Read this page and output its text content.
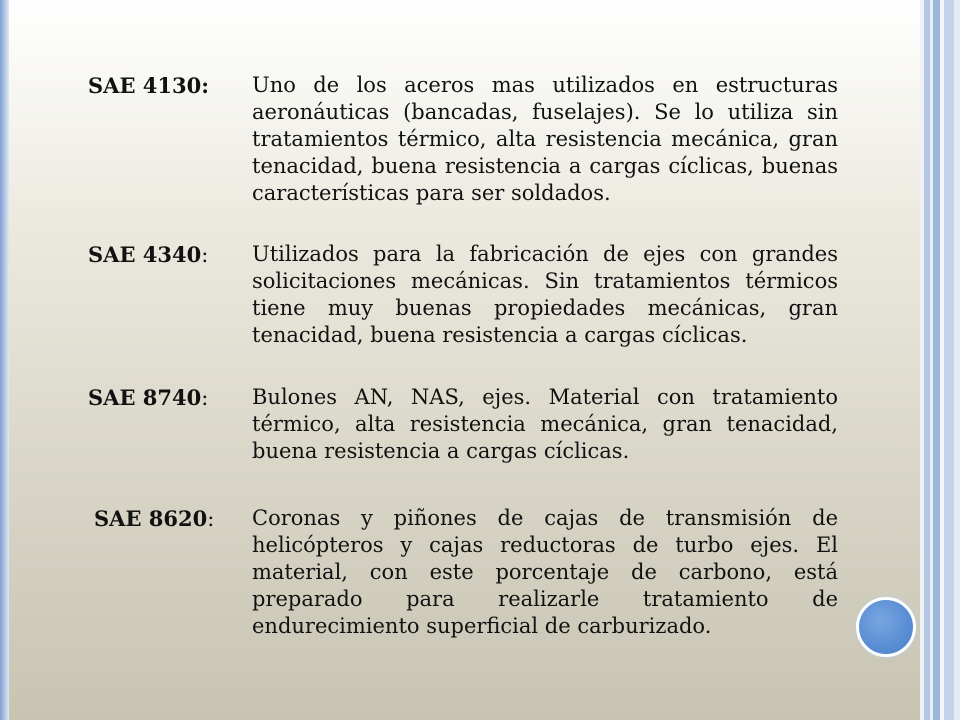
SAE 4130: Uno de los aceros mas utilizados en estructuras aeronáuticas (bancadas, fuselajes). Se lo utiliza sin tratamientos térmico, alta resistencia mecánica, gran tenacidad, buena resistencia a cargas cíclicas, buenas características para ser soldados.

SAE 4340: Utilizados para la fabricación de ejes con grandes solicitaciones mecánicas. Sin tratamientos térmicos tiene muy buenas propiedades mecánicas, gran tenacidad, buena resistencia a cargas cíclicas.

SAE 8740: Bulones AN, NAS, ejes. Material con tratamiento térmico, alta resistencia mecánica, gran tenacidad, buena resistencia a cargas cíclicas.

SAE 8620: Coronas y piñones de cajas de transmisión de helicópteros y cajas reductoras de turbo ejes. El material, con este porcentaje de carbono, está preparado para realizarle tratamiento de endurecimiento superficial de carburizado.
